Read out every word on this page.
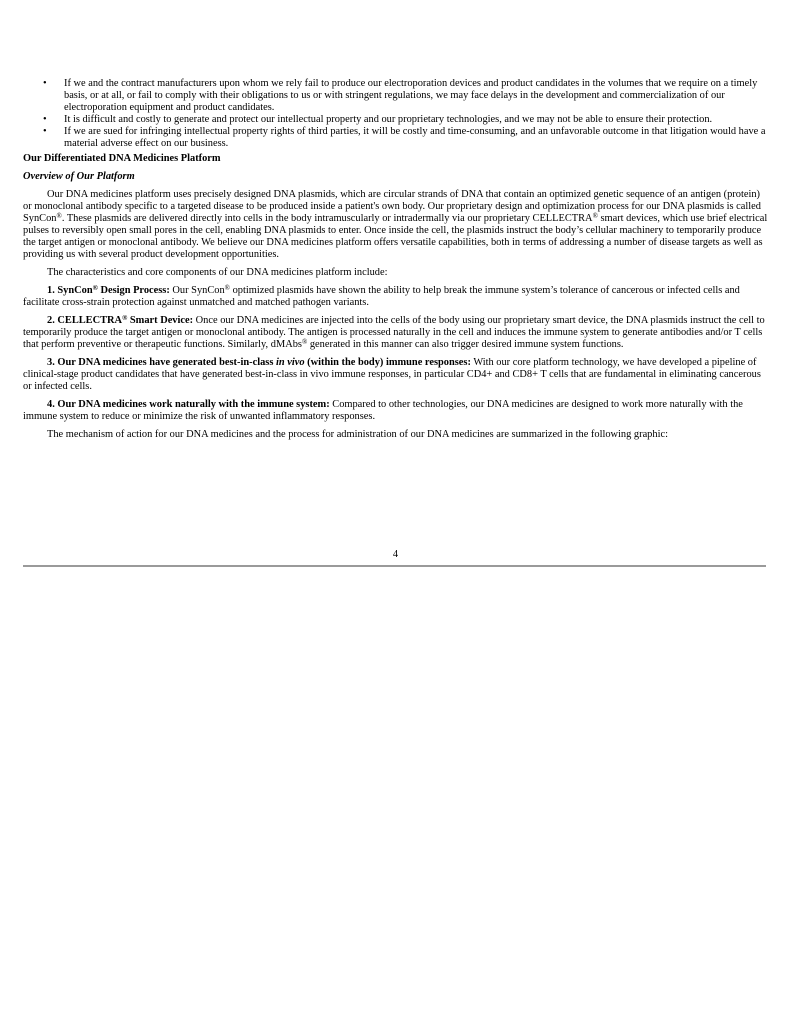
• If we and the contract manufacturers upon whom we rely fail to produce our electroporation devices and product candidates in the volumes that we require on a timely basis, or at all, or fail to comply with their obligations to us or with stringent regulations, we may face delays in the development and commercialization of our electroporation equipment and product candidates.
• It is difficult and costly to generate and protect our intellectual property and our proprietary technologies, and we may not be able to ensure their protection.
• If we are sued for infringing intellectual property rights of third parties, it will be costly and time-consuming, and an unfavorable outcome in that litigation would have a material adverse effect on our business.
Our Differentiated DNA Medicines Platform
Overview of Our Platform

Our DNA medicines platform uses precisely designed DNA plasmids, which are circular strands of DNA that contain an optimized genetic sequence of an antigen (protein) or monoclonal antibody specific to a targeted disease to be produced inside a patient's own body. Our proprietary design and optimization process for our DNA plasmids is called SynCon®. These plasmids are delivered directly into cells in the body intramuscularly or intradermally via our proprietary CELLECTRA® smart devices, which use brief electrical pulses to reversibly open small pores in the cell, enabling DNA plasmids to enter. Once inside the cell, the plasmids instruct the body’s cellular machinery to temporarily produce the target antigen or monoclonal antibody. We believe our DNA medicines platform offers versatile capabilities, both in terms of addressing a number of disease targets as well as providing us with several product development opportunities.

The characteristics and core components of our DNA medicines platform include:

1. SynCon® Design Process: Our SynCon® optimized plasmids have shown the ability to help break the immune system’s tolerance of cancerous or infected cells and facilitate cross-strain protection against unmatched and matched pathogen variants.

2. CELLECTRA® Smart Device: Once our DNA medicines are injected into the cells of the body using our proprietary smart device, the DNA plasmids instruct the cell to temporarily produce the target antigen or monoclonal antibody. The antigen is processed naturally in the cell and induces the immune system to generate antibodies and/or T cells that perform preventive or therapeutic functions. Similarly, dMAbs® generated in this manner can also trigger desired immune system functions.

3. Our DNA medicines have generated best-in-class in vivo (within the body) immune responses: With our core platform technology, we have developed a pipeline of clinical-stage product candidates that have generated best-in-class in vivo immune responses, in particular CD4+ and CD8+ T cells that are fundamental in eliminating cancerous or infected cells.

4. Our DNA medicines work naturally with the immune system: Compared to other technologies, our DNA medicines are designed to work more naturally with the immune system to reduce or minimize the risk of unwanted inflammatory responses.

The mechanism of action for our DNA medicines and the process for administration of our DNA medicines are summarized in the following graphic:

4
